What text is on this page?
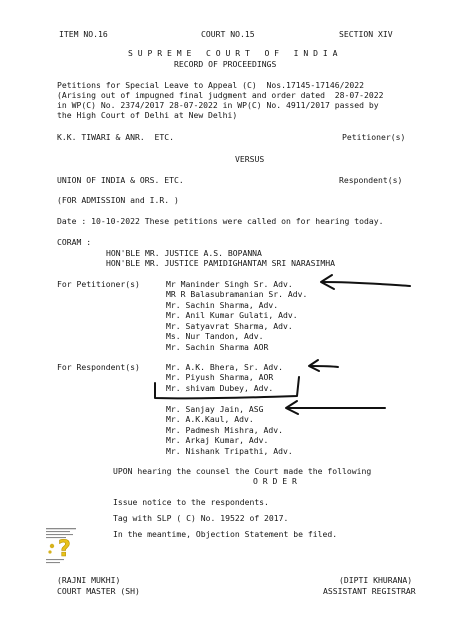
ITEM NO.16	COURT NO.15	SECTION XIV
S U P R E M E   C O U R T   O F   I N D I A
RECORD OF PROCEEDINGS
Petitions for Special Leave to Appeal (C)  Nos.17145-17146/2022
(Arising out of impugned final judgment and order dated  28-07-2022
in WP(C) No. 2374/2017 28-07-2022 in WP(C) No. 4911/2017 passed by
the High Court of Delhi at New Delhi)
K.K. TIWARI & ANR.  ETC.	Petitioner(s)
VERSUS
UNION OF INDIA & ORS. ETC.	Respondent(s)
(FOR ADMISSION and I.R. )
Date : 10-10-2022 These petitions were called on for hearing today.
CORAM :
HON'BLE MR. JUSTICE A.S. BOPANNA
HON'BLE MR. JUSTICE PAMIDIGHANTAM SRI NARASIMHA
For Petitioner(s)	Mr Maninder Singh Sr. Adv.
MR R Balasubramanian Sr. Adv.
Mr. Sachin Sharma, Adv.
Mr. Anil Kumar Gulati, Adv.
Mr. Satyavrat Sharma, Adv.
Ms. Nur Tandon, Adv.
Mr. Sachin Sharma AOR
For Respondent(s)	Mr. A.K. Bhera, Sr. Adv.
Mr. Piyush Sharma, AOR
Mr. shivam Dubey, Adv.
Mr. Sanjay Jain, ASG
Mr. A.K.Kaul, Adv.
Mr. Padmesh Mishra, Adv.
Mr. Arkaj Kumar, Adv.
Mr. Nishank Tripathi, Adv.
UPON hearing the counsel the Court made the following
O R D E R
Issue notice to the respondents.
Tag with SLP ( C) No. 19522 of 2017.
In the meantime, Objection Statement be filed.
?
(RAJNI MUKHI)
COURT MASTER (SH)
(DIPTI KHURANA)
ASSISTANT REGISTRAR
